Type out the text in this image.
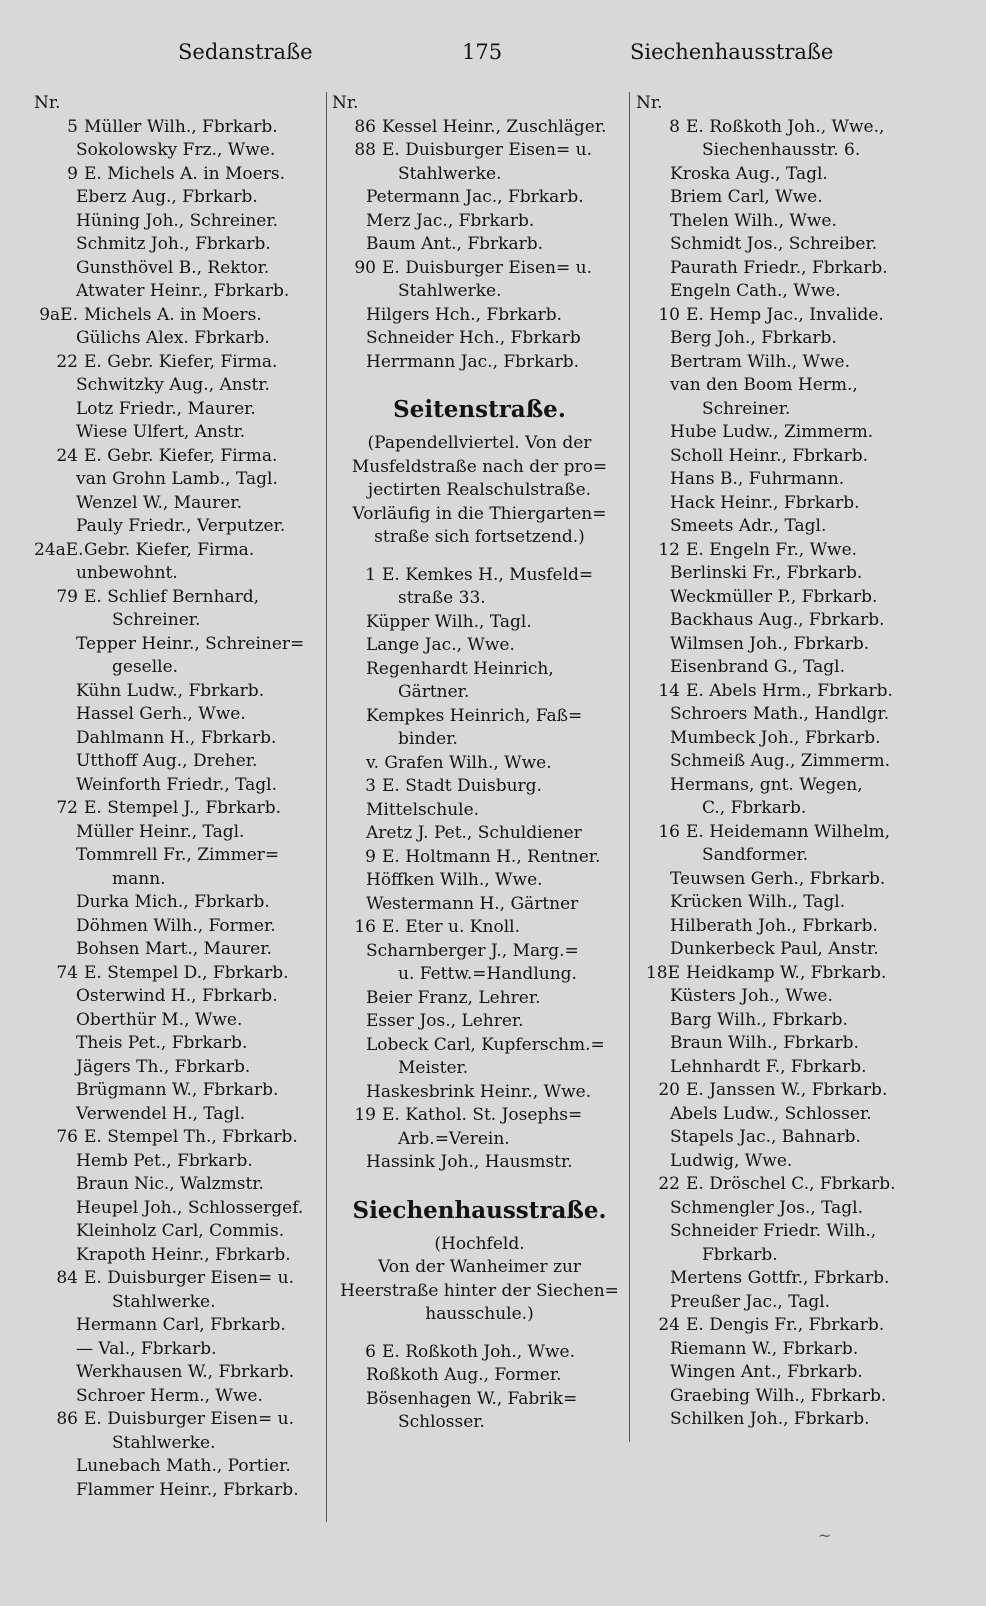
Sedanstraße	175	Siechenhausstraße
Nr.
5 Müller Wilh., Fbrkarb.
Sokolowsky Frz., Wwe.
9 E. Michels A. in Moers.
Eberz Aug., Fbrkarb.
Hüning Joh., Schreiner.
Schmitz Joh., Fbrkarb.
Gunsthövel B., Rektor.
Atwater Heinr., Fbrkarb.
9aE. Michels A. in Moers.
Gülichs Alex. Fbrkarb.
22 E. Gebr. Kiefer, Firma.
Schwitzky Aug., Anstr.
Lotz Friedr., Maurer.
Wiese Ulfert, Anstr.
24 E. Gebr. Kiefer, Firma.
van Grohn Lamb., Tagl.
Wenzel W., Maurer.
Pauly Friedr., Verputzer.
24aE.Gebr. Kiefer, Firma.
unbewohnt.
79 E. Schlief Bernhard,
Schreiner.
Tepper Heinr., Schreiner=
geselle.
Kühn Ludw., Fbrkarb.
Hassel Gerh., Wwe.
Dahlmann H., Fbrkarb.
Utthoff Aug., Dreher.
Weinforth Friedr., Tagl.
72 E. Stempel J., Fbrkarb.
Müller Heinr., Tagl.
Tommrell Fr., Zimmer=
mann.
Durka Mich., Fbrkarb.
Döhmen Wilh., Former.
Bohsen Mart., Maurer.
74 E. Stempel D., Fbrkarb.
Osterwind H., Fbrkarb.
Oberthür M., Wwe.
Theis Pet., Fbrkarb.
Jägers Th., Fbrkarb.
Brügmann W., Fbrkarb.
Verwendel H., Tagl.
76 E. Stempel Th., Fbrkarb.
Hemb Pet., Fbrkarb.
Braun Nic., Walzmstr.
Heupel Joh., Schlossergef.
Kleinholz Carl, Commis.
Krapoth Heinr., Fbrkarb.
84 E. Duisburger Eisen= u.
Stahlwerke.
Hermann Carl, Fbrkarb.
— Val., Fbrkarb.
Werkhausen W., Fbrkarb.
Schroer Herm., Wwe.
86 E. Duisburger Eisen= u.
Stahlwerke.
Lunebach Math., Portier.
Flammer Heinr., Fbrkarb.
Nr.
86 Kessel Heinr., Zuschläger.
88 E. Duisburger Eisen= u.
Stahlwerke.
Petermann Jac., Fbrkarb.
Merz Jac., Fbrkarb.
Baum Ant., Fbrkarb.
90 E. Duisburger Eisen= u.
Stahlwerke.
Hilgers Hch., Fbrkarb.
Schneider Hch., Fbrkarb
Herrmann Jac., Fbrkarb.
Seitenstraße.
(Papendellviertel. Von der
Musfeldstraße nach der pro=
jectirten Realschulstraße.
Vorläufig in die Thiergarten=
straße sich fortsetzend.)
1 E. Kemkes H., Musfeld=
straße 33.
Küpper Wilh., Tagl.
Lange Jac., Wwe.
Regenhardt Heinrich,
Gärtner.
Kempkes Heinrich, Faß=
binder.
v. Grafen Wilh., Wwe.
3 E. Stadt Duisburg.
Mittelschule.
Aretz J. Pet., Schuldiener
9 E. Holtmann H., Rentner.
Höffken Wilh., Wwe.
Westermann H., Gärtner
16 E. Eter u. Knoll.
Scharnberger J., Marg.=
u. Fettw.=Handlung.
Beier Franz, Lehrer.
Esser Jos., Lehrer.
Lobeck Carl, Kupferschm.=
Meister.
Haskesbrink Heinr., Wwe.
19 E. Kathol. St. Josephs=
Arb.=Verein.
Hassink Joh., Hausmstr.
Siechenhausstraße.
(Hochfeld.
Von der Wanheimer zur
Heerstraße hinter der Siechen=
hausschule.)
6 E. Roßkoth Joh., Wwe.
Roßkoth Aug., Former.
Bösenhagen W., Fabrik=
Schlosser.
Nr.
8 E. Roßkoth Joh., Wwe.,
Siechenhausstr. 6.
Kroska Aug., Tagl.
Briem Carl, Wwe.
Thelen Wilh., Wwe.
Schmidt Jos., Schreiber.
Paurath Friedr., Fbrkarb.
Engeln Cath., Wwe.
10 E. Hemp Jac., Invalide.
Berg Joh., Fbrkarb.
Bertram Wilh., Wwe.
van den Boom Herm.,
Schreiner.
Hube Ludw., Zimmerm.
Scholl Heinr., Fbrkarb.
Hans B., Fuhrmann.
Hack Heinr., Fbrkarb.
Smeets Adr., Tagl.
12 E. Engeln Fr., Wwe.
Berlinski Fr., Fbrkarb.
Weckmüller P., Fbrkarb.
Backhaus Aug., Fbrkarb.
Wilmsen Joh., Fbrkarb.
Eisenbrand G., Tagl.
14 E. Abels Hrm., Fbrkarb.
Schroers Math., Handlgr.
Mumbeck Joh., Fbrkarb.
Schmeiß Aug., Zimmerm.
Hermans, gnt. Wegen,
C., Fbrkarb.
16 E. Heidemann Wilhelm,
Sandformer.
Teuwsen Gerh., Fbrkarb.
Krücken Wilh., Tagl.
Hilberath Joh., Fbrkarb.
Dunkerbeck Paul, Anstr.
18E Heidkamp W., Fbrkarb.
Küsters Joh., Wwe.
Barg Wilh., Fbrkarb.
Braun Wilh., Fbrkarb.
Lehnhardt F., Fbrkarb.
20 E. Janssen W., Fbrkarb.
Abels Ludw., Schlosser.
Stapels Jac., Bahnarb.
Ludwig, Wwe.
22 E. Dröschel C., Fbrkarb.
Schmengler Jos., Tagl.
Schneider Friedr. Wilh.,
Fbrkarb.
Mertens Gottfr., Fbrkarb.
Preußer Jac., Tagl.
24 E. Dengis Fr., Fbrkarb.
Riemann W., Fbrkarb.
Wingen Ant., Fbrkarb.
Graebing Wilh., Fbrkarb.
Schilken Joh., Fbrkarb.
~
